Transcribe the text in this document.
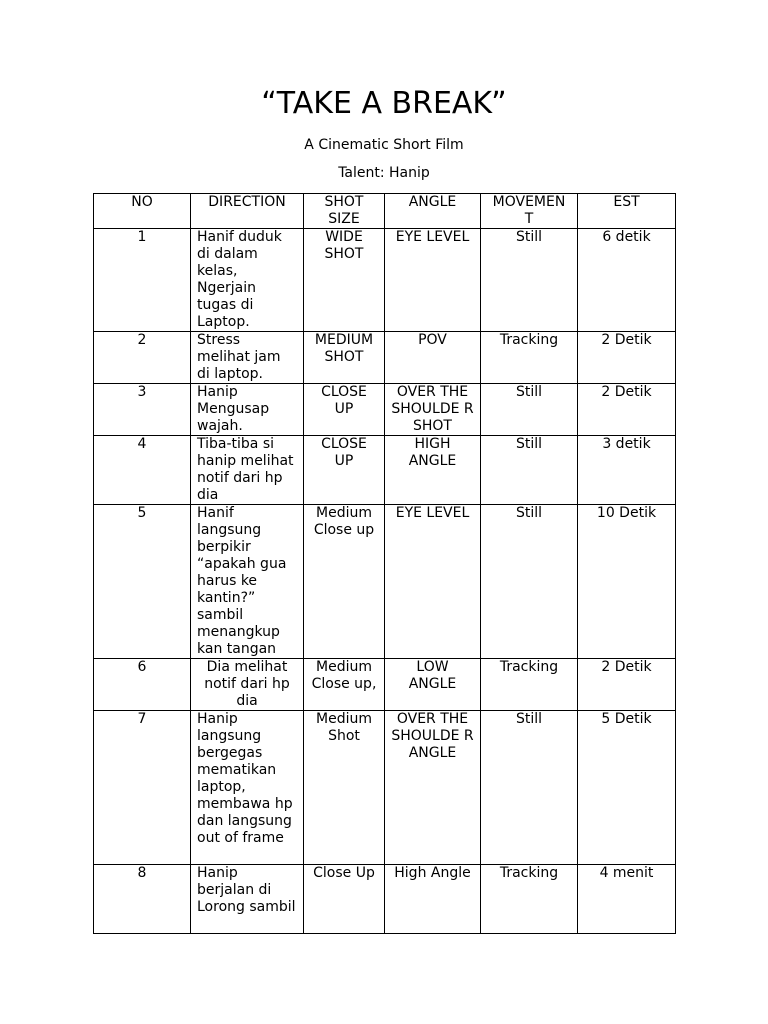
“TAKE A BREAK”
A Cinematic Short Film
Talent: Hanip
NO	DIRECTION	SHOT SIZE	ANGLE	MOVEMEN T	EST
1	Hanif duduk di dalam kelas, Ngerjain tugas di Laptop.	WIDE SHOT	EYE LEVEL	Still	6 detik
2	Stress melihat jam di laptop.	MEDIUM SHOT	POV	Tracking	2 Detik
3	Hanip Mengusap wajah.	CLOSE UP	OVER THE SHOULDE R SHOT	Still	2 Detik
4	Tiba-tiba si hanip melihat notif dari hp dia	CLOSE UP	HIGH ANGLE	Still	3 detik
5	Hanif langsung berpikir “apakah gua harus ke kantin?” sambil menangkup kan tangan	Medium Close up	EYE LEVEL	Still	10 Detik
6	Dia melihat notif dari hp dia	Medium Close up,	LOW ANGLE	Tracking	2 Detik
7	Hanip langsung bergegas mematikan laptop, membawa hp dan langsung out of frame	Medium Shot	OVER THE SHOULDE R ANGLE	Still	5 Detik
8	Hanip berjalan di Lorong sambil	Close Up	High Angle	Tracking	4 menit
